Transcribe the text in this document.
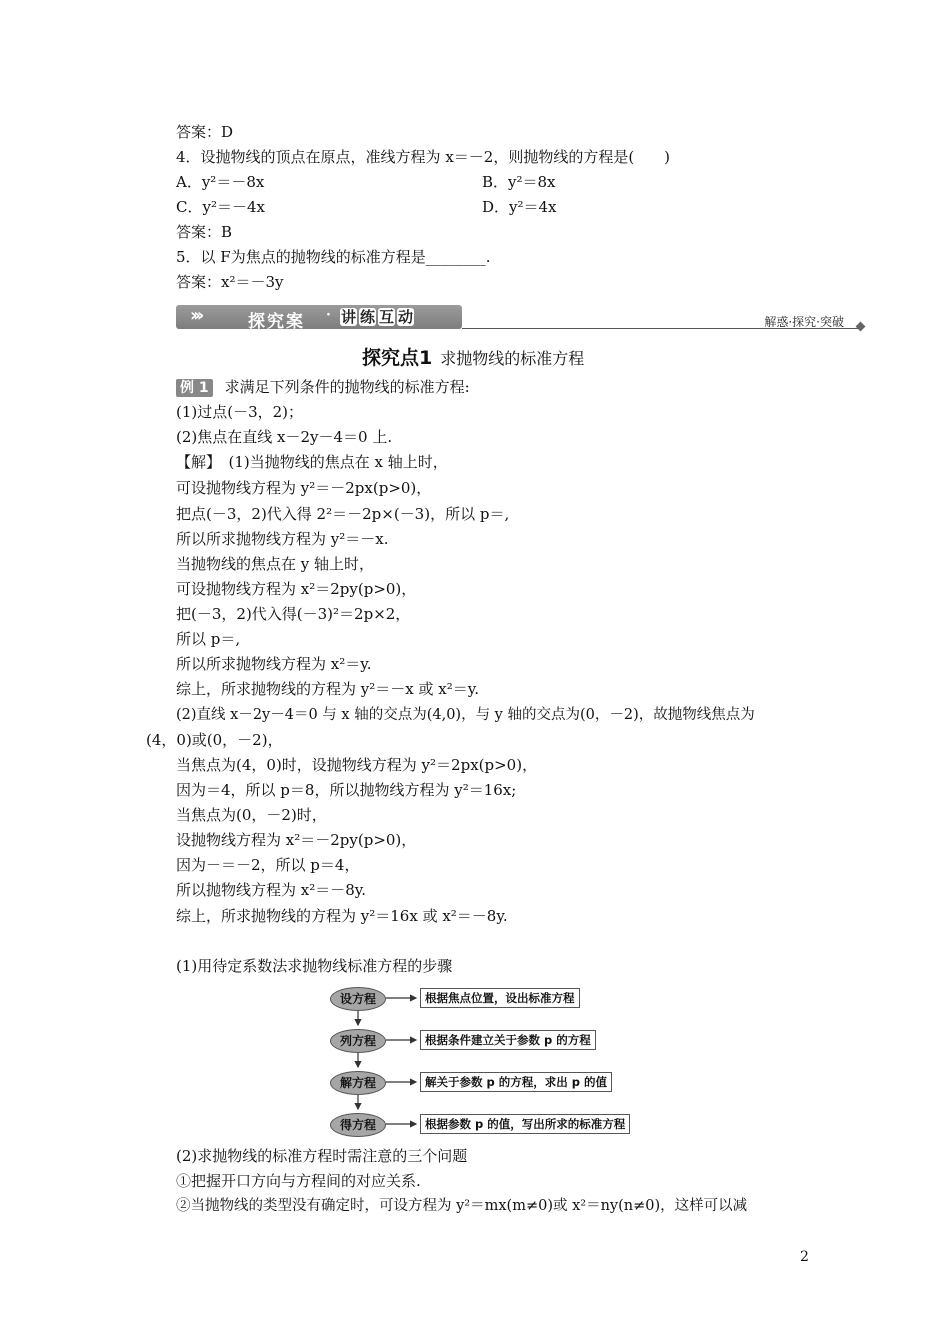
答案：D
4．设抛物线的顶点在原点，准线方程为 x＝－2，则抛物线的方程是(　　)
A．y²＝－8x	B．y²＝8x
C．y²＝－4x	D．y²＝4x
答案：B
5．以 F为焦点的抛物线的标准方程是________.
答案：x²＝－3y
›››	探究案 · 讲 练 互 动	解惑·探究·突破
探究点1 求抛物线的标准方程
例 1 求满足下列条件的抛物线的标准方程:
(1)过点(－3，2)；
(2)焦点在直线 x－2y－4＝0 上.
【解】　(1)当抛物线的焦点在 x 轴上时，
可设抛物线方程为 y²＝－2px(p>0)，
把点(－3，2)代入得 2²＝－2p×(－3)，所以 p＝,
所以所求抛物线方程为 y²＝－x.
当抛物线的焦点在 y 轴上时，
可设抛物线方程为 x²＝2py(p>0)，
把(－3，2)代入得(－3)²＝2p×2，
所以 p＝,
所以所求抛物线方程为 x²＝y.
综上，所求抛物线的方程为 y²＝－x 或 x²＝y.
(2)直线 x－2y－4＝0 与 x 轴的交点为(4,0)，与 y 轴的交点为(0，－2)，故抛物线焦点为
(4，0)或(0，－2)，
当焦点为(4，0)时，设抛物线方程为 y²＝2px(p>0)，
因为＝4，所以 p＝8，所以抛物线方程为 y²＝16x;
当焦点为(0，－2)时，
设抛物线方程为 x²＝－2py(p>0)，
因为－＝－2，所以 p＝4，
所以抛物线方程为 x²＝－8y.
综上，所求抛物线的方程为 y²＝16x 或 x²＝－8y.
(1)用待定系数法求抛物线标准方程的步骤
设方程	根据焦点位置，设出标准方程
列方程	根据条件建立关于参数 p 的方程
解方程	解关于参数 p 的方程，求出 p 的值
得方程	根据参数 p 的值，写出所求的标准方程
(2)求抛物线的标准方程时需注意的三个问题
①把握开口方向与方程间的对应关系.
②当抛物线的类型没有确定时，可设方程为 y²＝mx(m≠0)或 x²＝ny(n≠0)，这样可以减
2
